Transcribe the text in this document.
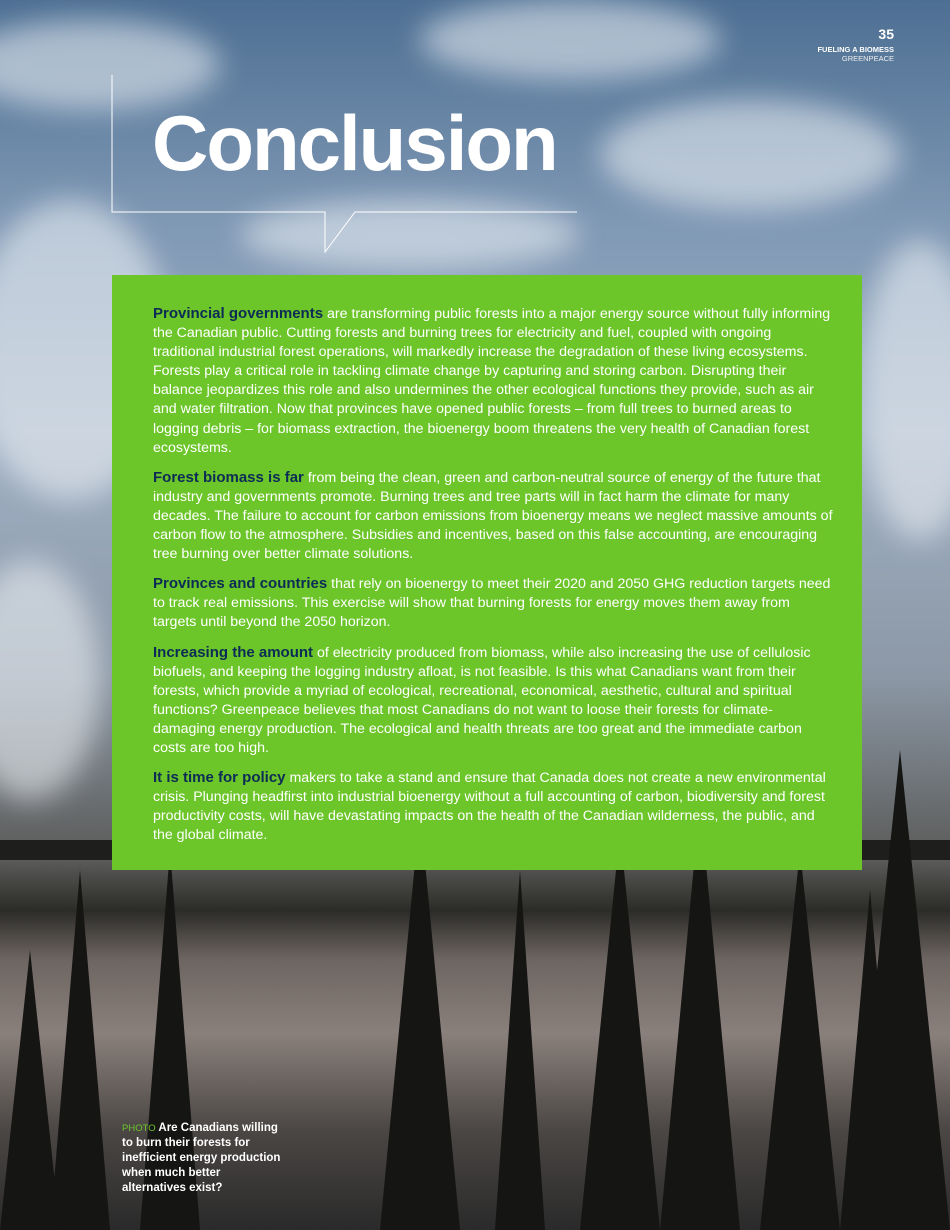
35
FUELING A BIOMESS
GREENPEACE
Conclusion

Provincial governments are transforming public forests into a major energy source without fully informing the Canadian public. Cutting forests and burning trees for electricity and fuel, coupled with ongoing traditional industrial forest operations, will markedly increase the degradation of these living ecosystems. Forests play a critical role in tackling climate change by capturing and storing carbon. Disrupting their balance jeopardizes this role and also undermines the other ecological functions they provide, such as air and water filtration. Now that provinces have opened public forests – from full trees to burned areas to logging debris – for biomass extraction, the bioenergy boom threatens the very health of Canadian forest ecosystems.

Forest biomass is far from being the clean, green and carbon-neutral source of energy of the future that industry and governments promote. Burning trees and tree parts will in fact harm the climate for many decades. The failure to account for carbon emissions from bioenergy means we neglect massive amounts of carbon flow to the atmosphere. Subsidies and incentives, based on this false accounting, are encouraging tree burning over better climate solutions.

Provinces and countries that rely on bioenergy to meet their 2020 and 2050 GHG reduction targets need to track real emissions. This exercise will show that burning forests for energy moves them away from targets until beyond the 2050 horizon.

Increasing the amount of electricity produced from biomass, while also increasing the use of cellulosic biofuels, and keeping the logging industry afloat, is not feasible. Is this what Canadians want from their forests, which provide a myriad of ecological, recreational, economical, aesthetic, cultural and spiritual functions? Greenpeace believes that most Canadians do not want to loose their forests for climate-damaging energy production. The ecological and health threats are too great and the immediate carbon costs are too high.

It is time for policy makers to take a stand and ensure that Canada does not create a new environmental crisis. Plunging headfirst into industrial bioenergy without a full accounting of carbon, biodiversity and forest productivity costs, will have devastating impacts on the health of the Canadian wilderness, the public, and the global climate.

PHOTO Are Canadians willing to burn their forests for inefficient energy production when much better alternatives exist?
